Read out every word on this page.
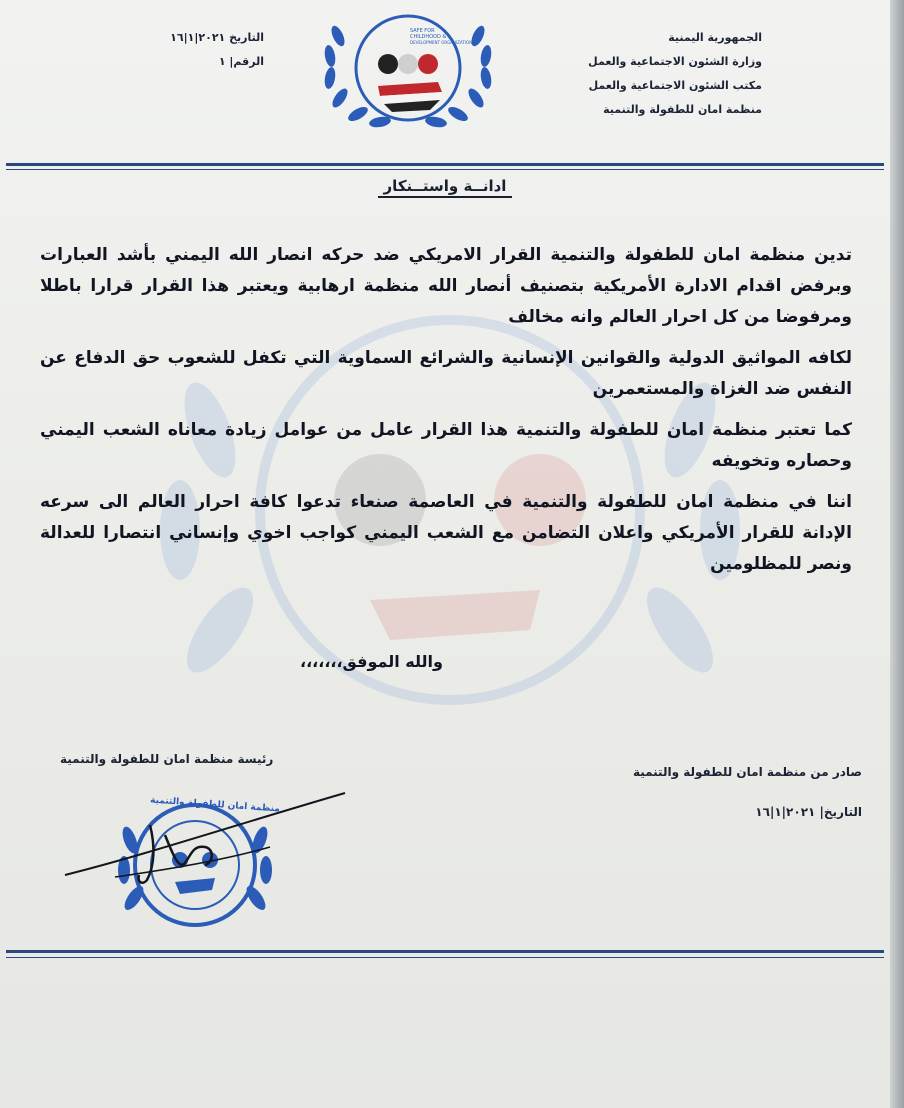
الجمهورية اليمنية
وزارة الشئون الاجتماعية والعمل
مكتب الشئون الاجتماعية والعمل
منظمة امان للطفولة والتنمية
التاريخ ٢٠٢١|١|١٦
الرقم| ١
SAFE FOR
CHILDHOOD &
DEVELOPMENT ORGANIZATION
ادانــة واستــنكار

تدين منظمة امان للطفولة والتنمية القرار الامريكي ضد حركه انصار الله اليمني بأشد العبارات وبرفض اقدام الادارة الأمريكية بتصنيف أنصار الله منظمة ارهابية ويعتبر هذا القرار قرارا باطلا ومرفوضا من كل احرار العالم وانه مخالف

لكافه المواثيق الدولية والقوانين الإنسانية والشرائع السماوية التي تكفل للشعوب حق الدفاع عن النفس ضد الغزاة والمستعمرين

كما تعتبر منظمة امان للطفولة والتنمية هذا القرار عامل من عوامل زيادة معاناه الشعب اليمني وحصاره وتخويفه

اننا في منظمة امان للطفولة والتنمية في العاصمة صنعاء تدعوا كافة احرار العالم الى سرعه الإدانة للقرار الأمريكي واعلان التضامن مع الشعب اليمني كواجب اخوي وإنساني انتصارا للعدالة ونصر للمظلومين

والله الموفق،،،،،،،
صادر من منظمة امان للطفولة والتنمية
التاريخ| ٢٠٢١|١|١٦
رئيسة منظمة امان للطفولة والتنمية
منظمة امان للطفولة والتنمية
